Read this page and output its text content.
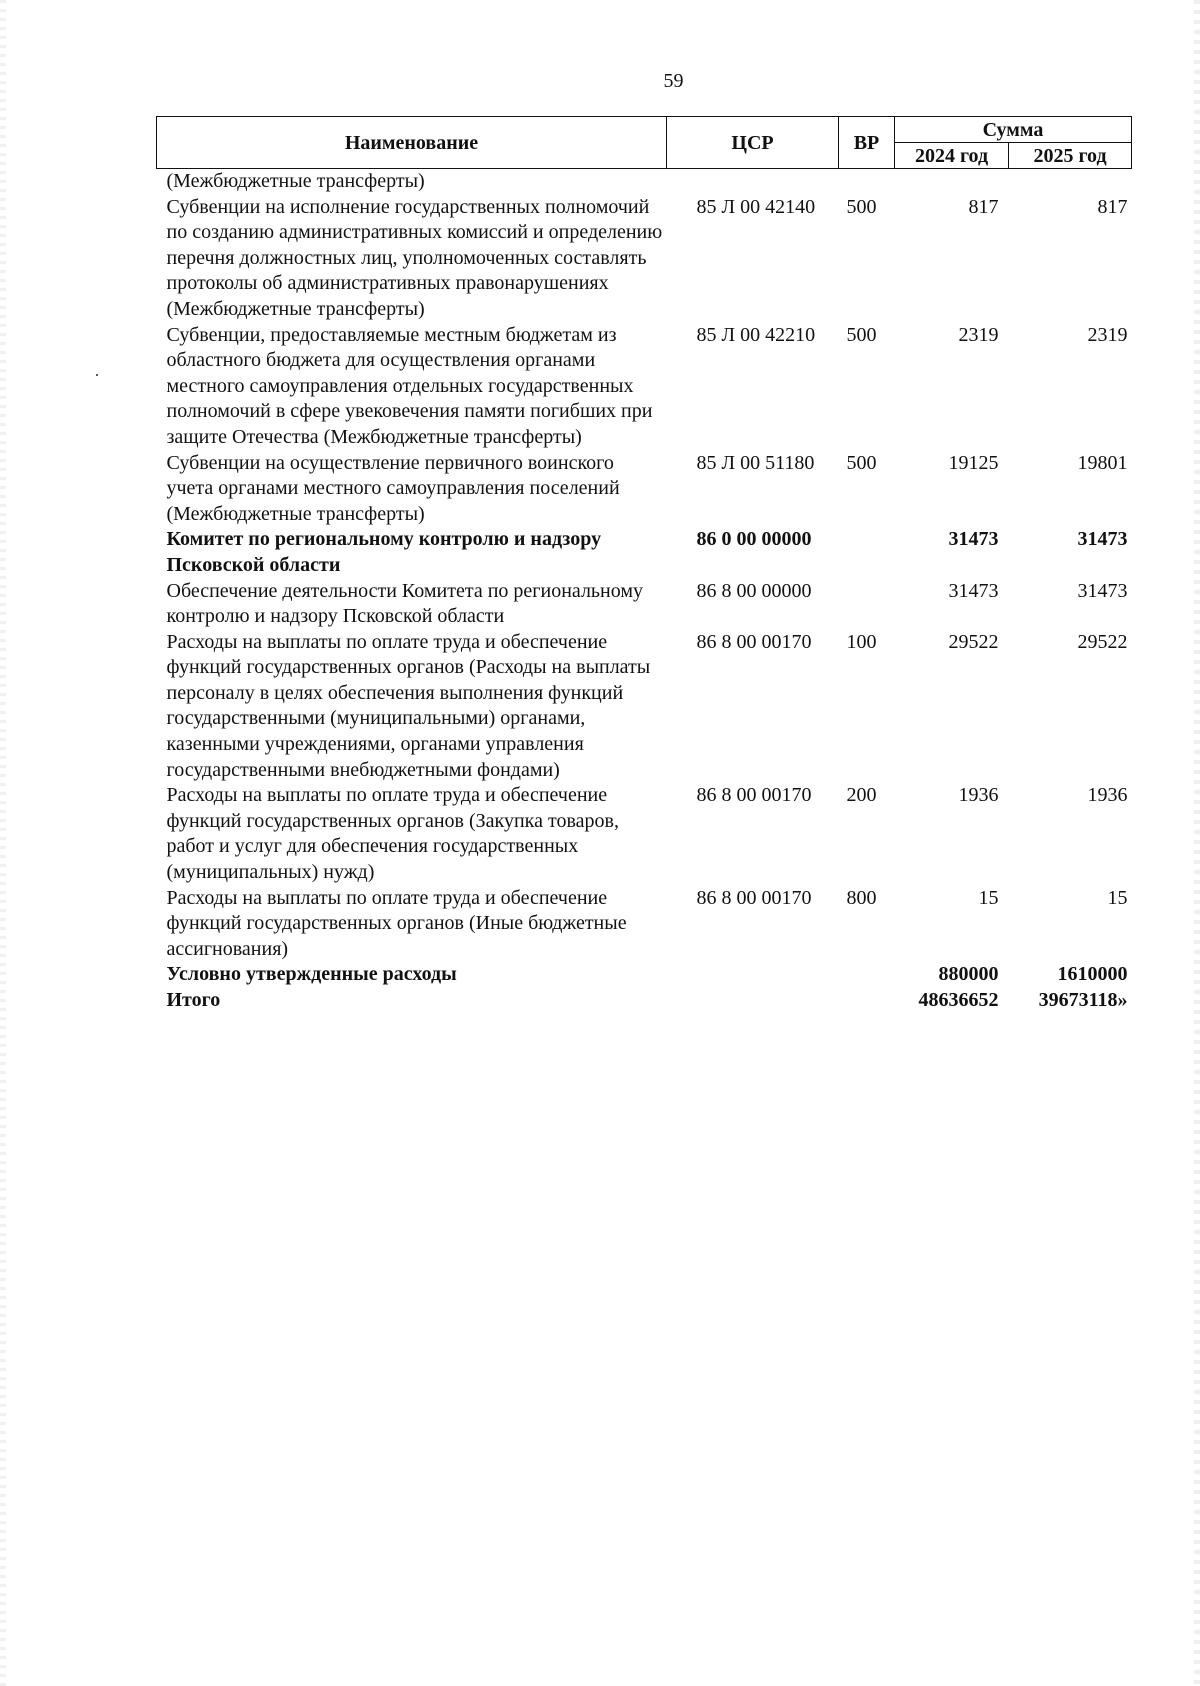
59
Наименование	ЦСР	ВР	Сумма	
			2024 год	2025 год
(Межбюджетные трансферты)				
Субвенции на исполнение государственных полномочий по созданию административных комиссий и определению перечня должностных лиц, уполномоченных составлять протоколы об административных правонарушениях (Межбюджетные трансферты)	85 Л 00 42140	500	817	817
Субвенции, предоставляемые местным бюджетам из областного бюджета для осуществления органами местного самоуправления отдельных государственных полномочий в сфере увековечения памяти погибших при защите Отечества (Межбюджетные трансферты)	85 Л 00 42210	500	2319	2319
Субвенции на осуществление первичного воинского учета органами местного самоуправления поселений (Межбюджетные трансферты)	85 Л 00 51180	500	19125	19801
Комитет по региональному контролю и надзору Псковской области	86 0 00 00000		31473	31473
Обеспечение деятельности Комитета по региональному контролю и надзору Псковской области	86 8 00 00000		31473	31473
Расходы на выплаты по оплате труда и обеспечение функций государственных органов (Расходы на выплаты персоналу в целях обеспечения выполнения функций государственными (муниципальными) органами, казенными учреждениями, органами управления государственными внебюджетными фондами)	86 8 00 00170	100	29522	29522
Расходы на выплаты по оплате труда и обеспечение функций государственных органов (Закупка товаров, работ и услуг для обеспечения государственных (муниципальных) нужд)	86 8 00 00170	200	1936	1936
Расходы на выплаты по оплате труда и обеспечение функций государственных органов (Иные бюджетные ассигнования)	86 8 00 00170	800	15	15
Условно утвержденные расходы			880000	1610000
Итого			48636652	39673118»
